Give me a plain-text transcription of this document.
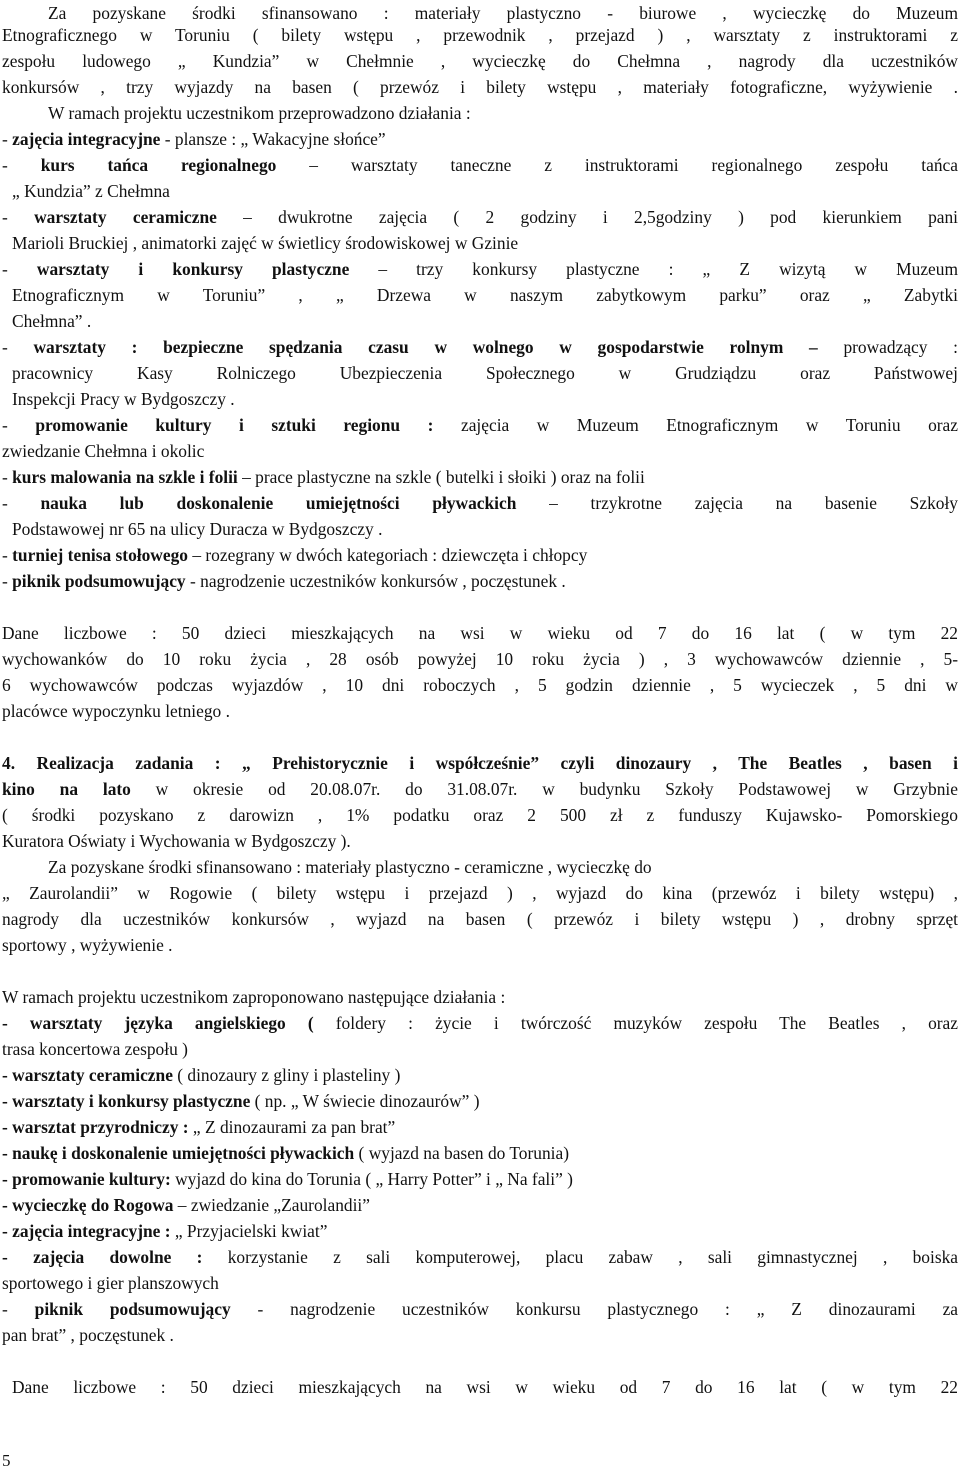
Za pozyskane środki sfinansowano : materiały plastyczno - biurowe , wycieczkę do Muzeum
Etnograficznego w Toruniu ( bilety wstępu , przewodnik , przejazd ) , warsztaty z instruktorami z
zespołu ludowego „ Kundzia” w Chełmnie , wycieczkę do Chełmna , nagrody dla uczestników
konkursów , trzy wyjazdy na basen ( przewóz i bilety wstępu , materiały fotograficzne, wyżywienie .
W ramach projektu uczestnikom przeprowadzono działania :
- zajęcia integracyjne - plansze : „ Wakacyjne słońce”
- kurs tańca regionalnego – warsztaty taneczne z instruktorami regionalnego zespołu tańca
„ Kundzia” z Chełmna
- warsztaty ceramiczne – dwukrotne zajęcia ( 2 godziny i 2,5godziny ) pod kierunkiem pani
Marioli Bruckiej , animatorki zajęć w świetlicy środowiskowej w Gzinie
- warsztaty i konkursy plastyczne – trzy konkursy plastyczne : „ Z wizytą w Muzeum
Etnograficznym w Toruniu” , „ Drzewa w naszym zabytkowym parku” oraz „ Zabytki
Chełmna” .
- warsztaty : bezpieczne spędzania czasu w wolnego w gospodarstwie rolnym – prowadzący :
pracownicy Kasy Rolniczego Ubezpieczenia Społecznego w Grudziądzu oraz Państwowej
Inspekcji Pracy w Bydgoszczy .
- promowanie kultury i sztuki regionu : zajęcia w Muzeum Etnograficznym w Toruniu oraz
zwiedzanie Chełmna i okolic
- kurs malowania na szkle i folii – prace plastyczne na szkle ( butelki i słoiki ) oraz na folii
- nauka lub doskonalenie umiejętności pływackich – trzykrotne zajęcia na basenie Szkoły
Podstawowej nr 65 na ulicy Duracza w Bydgoszczy .
- turniej tenisa stołowego – rozegrany w dwóch kategoriach : dziewczęta i chłopcy
- piknik podsumowujący - nagrodzenie uczestników konkursów , poczęstunek .
Dane liczbowe : 50 dzieci mieszkających na wsi w wieku od 7 do 16 lat ( w tym 22
wychowanków do 10 roku życia , 28 osób powyżej 10 roku życia ) , 3 wychowawców dziennie , 5-
6 wychowawców podczas wyjazdów , 10 dni roboczych , 5 godzin dziennie , 5 wycieczek , 5 dni w
placówce wypoczynku letniego .
4. Realizacja zadania : „ Prehistorycznie i współcześnie” czyli dinozaury , The Beatles , basen i
kino na lato w okresie od 20.08.07r. do 31.08.07r. w budynku Szkoły Podstawowej w Grzybnie
( środki pozyskano z darowizn , 1% podatku oraz 2 500 zł z funduszy Kujawsko- Pomorskiego
Kuratora Oświaty i Wychowania w Bydgoszczy ).
Za pozyskane środki sfinansowano : materiały plastyczno - ceramiczne , wycieczkę do
„ Zaurolandii” w Rogowie ( bilety wstępu i przejazd ) , wyjazd do kina (przewóz i bilety wstępu) ,
nagrody dla uczestników konkursów , wyjazd na basen ( przewóz i bilety wstępu ) , drobny sprzęt
sportowy , wyżywienie .
W ramach projektu uczestnikom zaproponowano następujące działania :
- warsztaty języka angielskiego ( foldery : życie i twórczość muzyków zespołu The Beatles , oraz
trasa koncertowa zespołu )
- warsztaty ceramiczne ( dinozaury z gliny i plasteliny )
- warsztaty i konkursy plastyczne ( np. „ W świecie dinozaurów” )
- warsztat przyrodniczy : „ Z dinozaurami za pan brat”
- naukę i doskonalenie umiejętności pływackich ( wyjazd na basen do Torunia)
- promowanie kultury: wyjazd do kina do Torunia ( „ Harry Potter” i „ Na fali” )
- wycieczkę do Rogowa – zwiedzanie „Zaurolandii”
- zajęcia integracyjne : „ Przyjacielski kwiat”
- zajęcia dowolne : korzystanie z sali komputerowej, placu zabaw , sali gimnastycznej , boiska
sportowego i gier planszowych
- piknik podsumowujący - nagrodzenie uczestników konkursu plastycznego : „ Z dinozaurami za
pan brat” , poczęstunek .
Dane liczbowe : 50 dzieci mieszkających na wsi w wieku od 7 do 16 lat ( w tym 22
5
